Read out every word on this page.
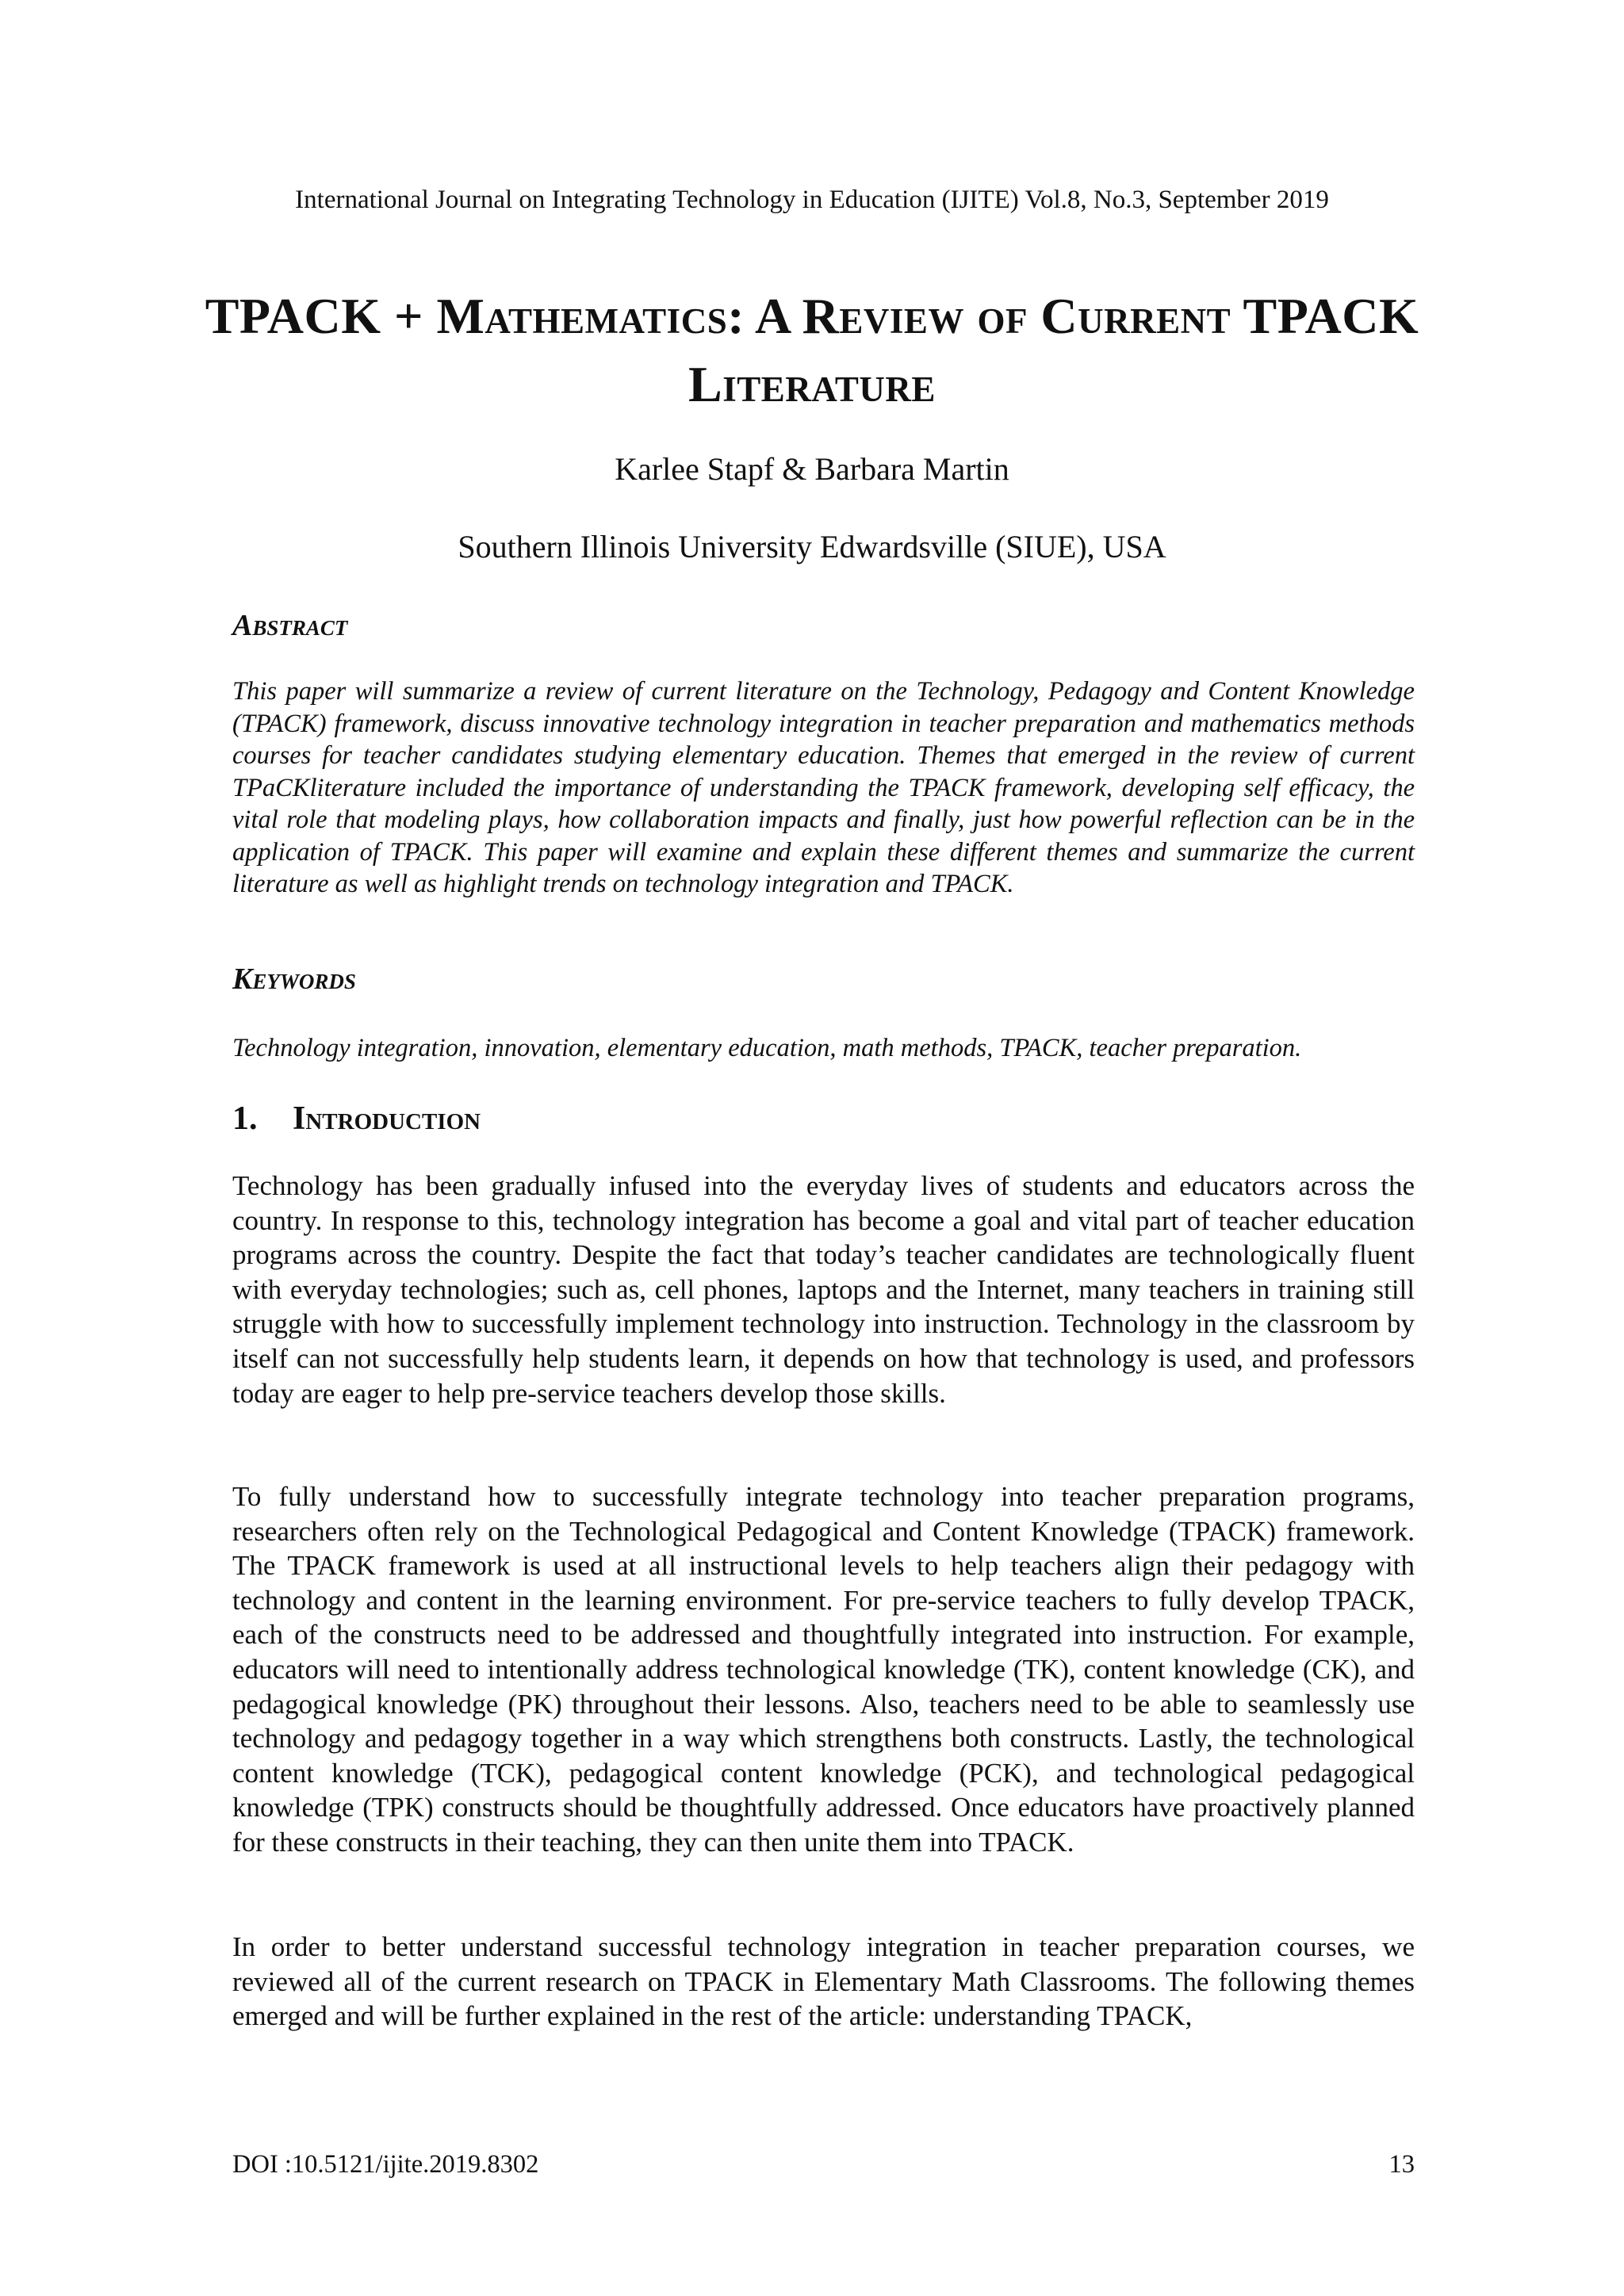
International Journal on Integrating Technology in Education (IJITE) Vol.8, No.3, September 2019
TPACK + Mathematics: A Review of Current TPACK Literature
Karlee Stapf & Barbara Martin
Southern Illinois University Edwardsville (SIUE), USA
Abstract
This paper will summarize a review of current literature on the Technology, Pedagogy and Content Knowledge (TPACK) framework, discuss innovative technology integration in teacher preparation and mathematics methods courses for teacher candidates studying elementary education. Themes that emerged in the review of current TPaCKliterature included the importance of understanding the TPACK framework, developing self efficacy, the vital role that modeling plays, how collaboration impacts and finally, just how powerful reflection can be in the application of TPACK. This paper will examine and explain these different themes and summarize the current literature as well as highlight trends on technology integration and TPACK.
Keywords
Technology integration, innovation, elementary education, math methods, TPACK, teacher preparation.
1. Introduction
Technology has been gradually infused into the everyday lives of students and educators across the country. In response to this, technology integration has become a goal and vital part of teacher education programs across the country. Despite the fact that today’s teacher candidates are technologically fluent with everyday technologies; such as, cell phones, laptops and the Internet, many teachers in training still struggle with how to successfully implement technology into instruction. Technology in the classroom by itself can not successfully help students learn, it depends on how that technology is used, and professors today are eager to help pre-service teachers develop those skills.
To fully understand how to successfully integrate technology into teacher preparation programs, researchers often rely on the Technological Pedagogical and Content Knowledge (TPACK) framework. The TPACK framework is used at all instructional levels to help teachers align their pedagogy with technology and content in the learning environment. For pre-service teachers to fully develop TPACK, each of the constructs need to be addressed and thoughtfully integrated into instruction. For example, educators will need to intentionally address technological knowledge (TK), content knowledge (CK), and pedagogical knowledge (PK) throughout their lessons. Also, teachers need to be able to seamlessly use technology and pedagogy together in a way which strengthens both constructs. Lastly, the technological content knowledge (TCK), pedagogical content knowledge (PCK), and technological pedagogical knowledge (TPK) constructs should be thoughtfully addressed. Once educators have proactively planned for these constructs in their teaching, they can then unite them into TPACK.
In order to better understand successful technology integration in teacher preparation courses, we reviewed all of the current research on TPACK in Elementary Math Classrooms. The following themes emerged and will be further explained in the rest of the article: understanding TPACK,
DOI :10.5121/ijite.2019.8302	13
